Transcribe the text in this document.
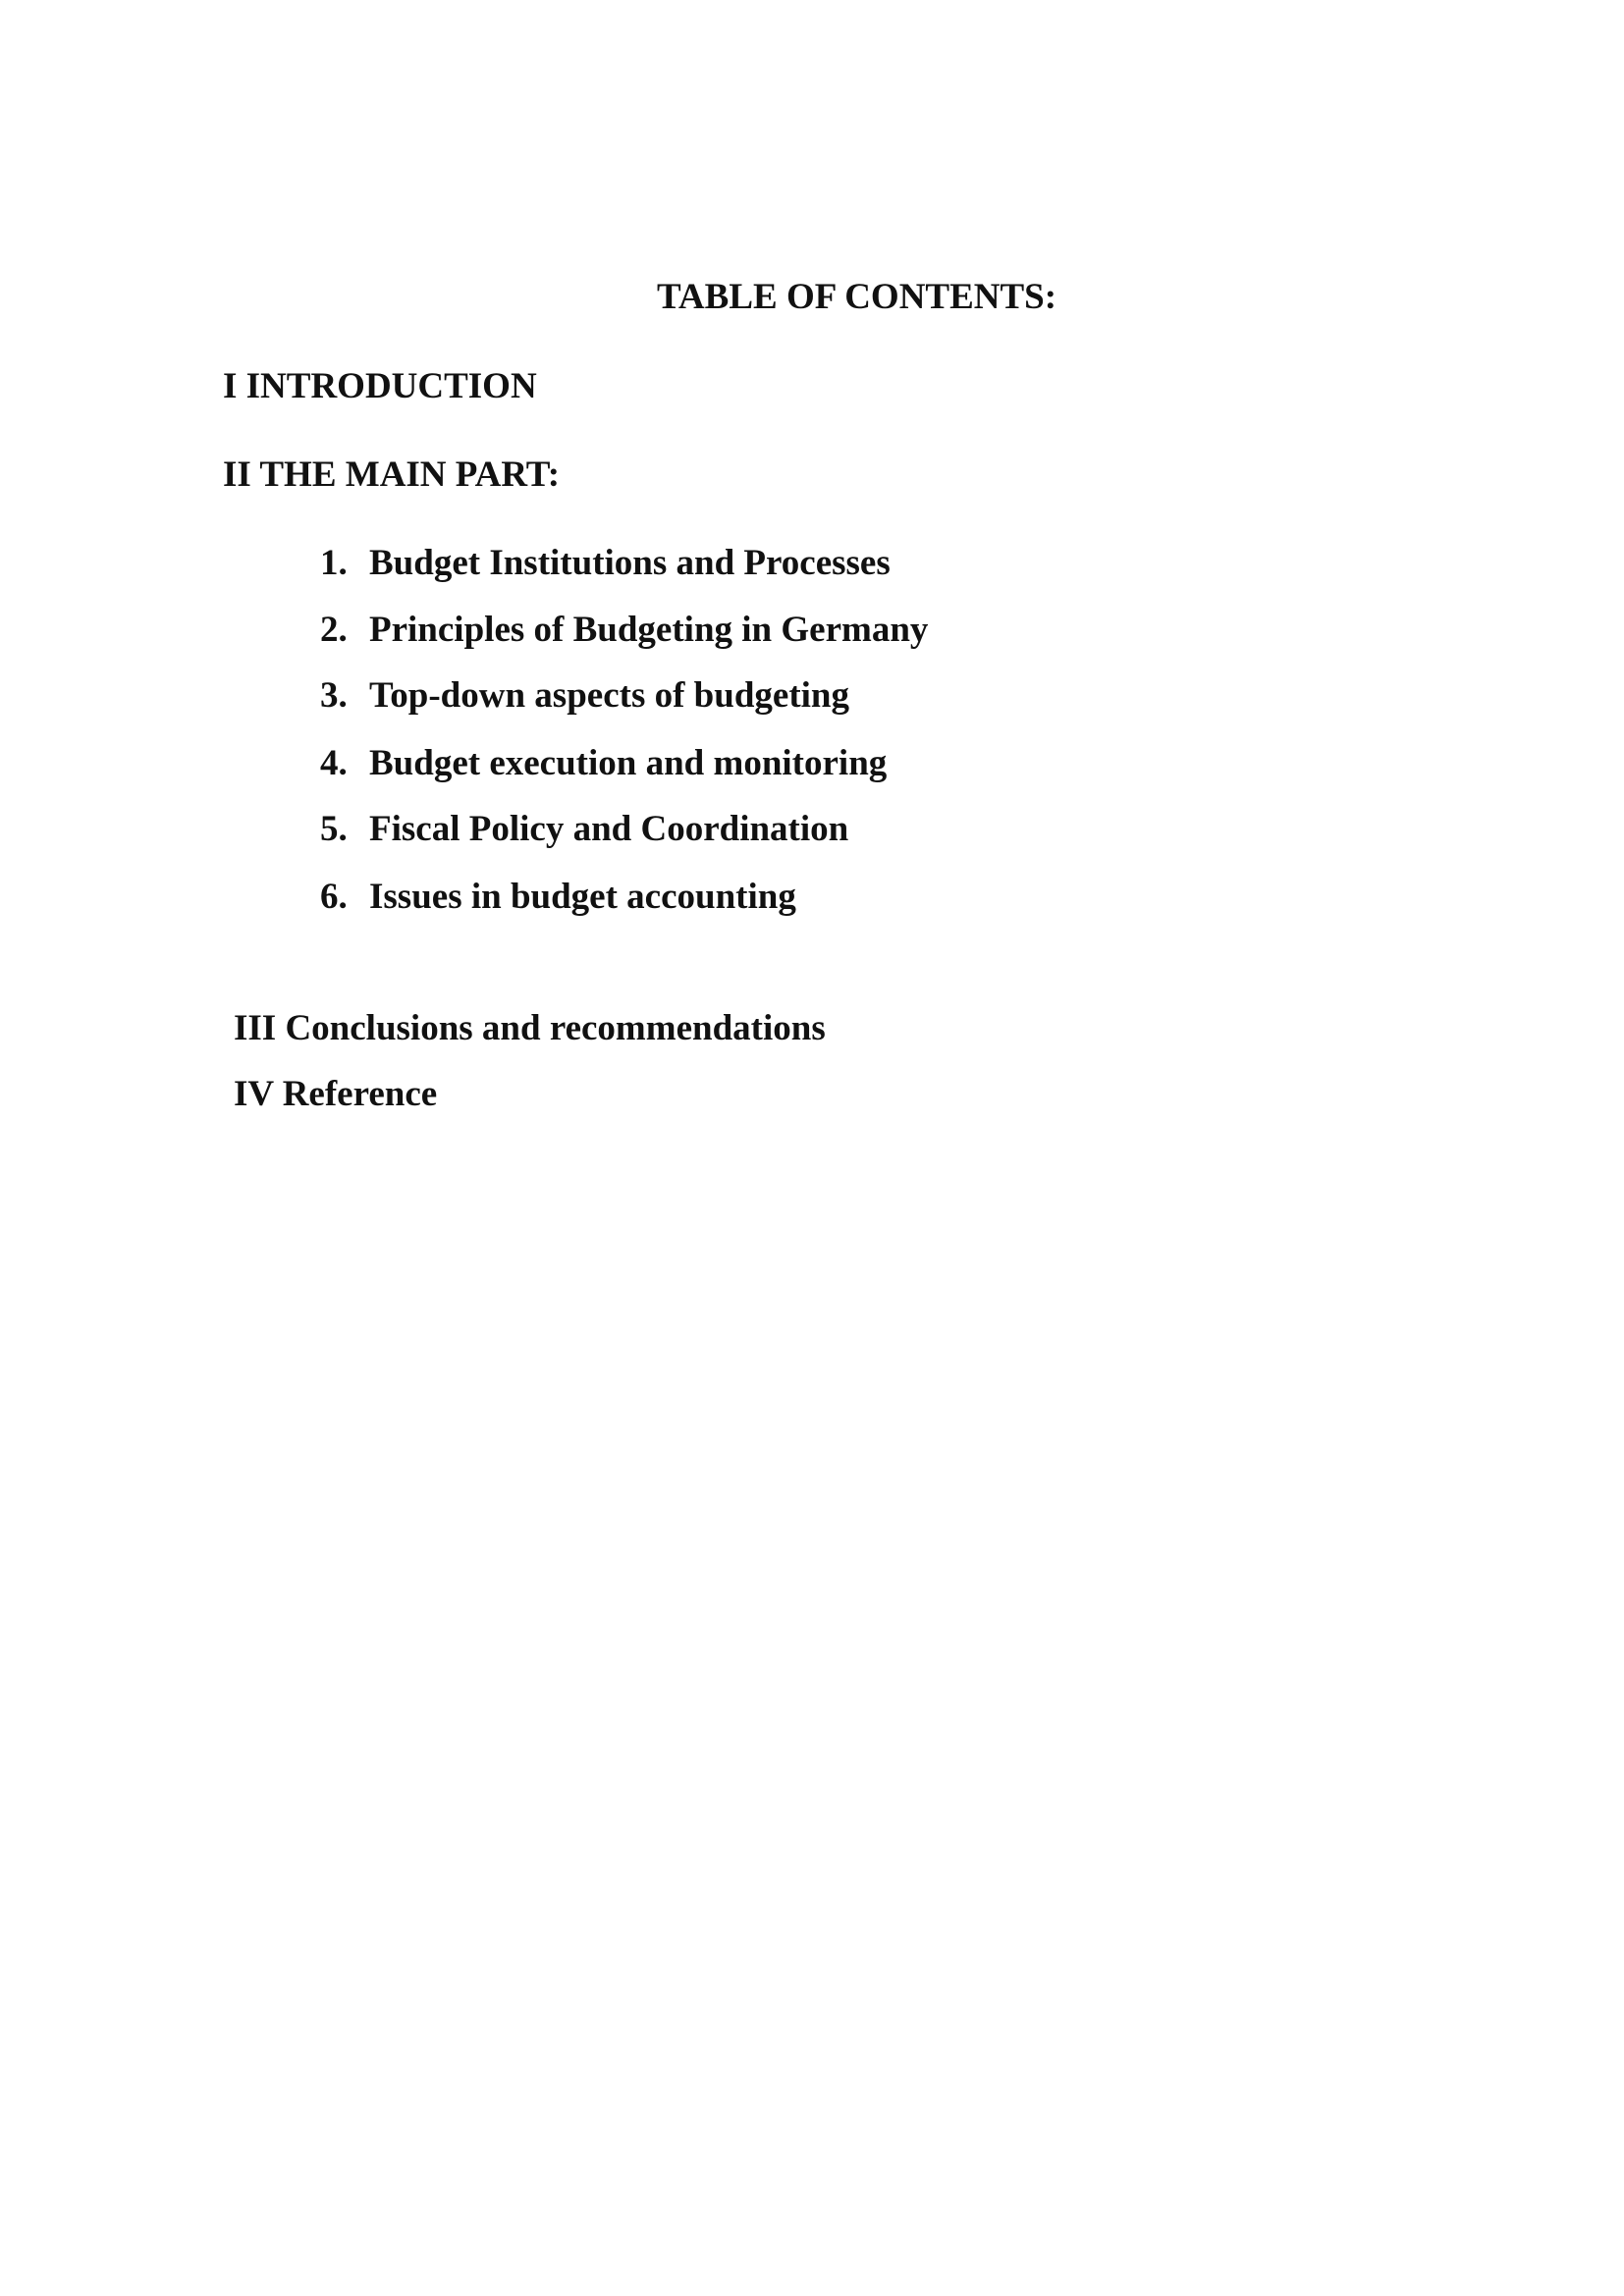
TABLE OF CONTENTS:
I INTRODUCTION
II THE MAIN PART:
1. Budget Institutions and Processes
2. Principles of Budgeting in Germany
3. Top-down aspects of budgeting
4. Budget execution and monitoring
5. Fiscal Policy and Coordination
6. Issues in budget accounting
III Conclusions and recommendations
IV Reference
